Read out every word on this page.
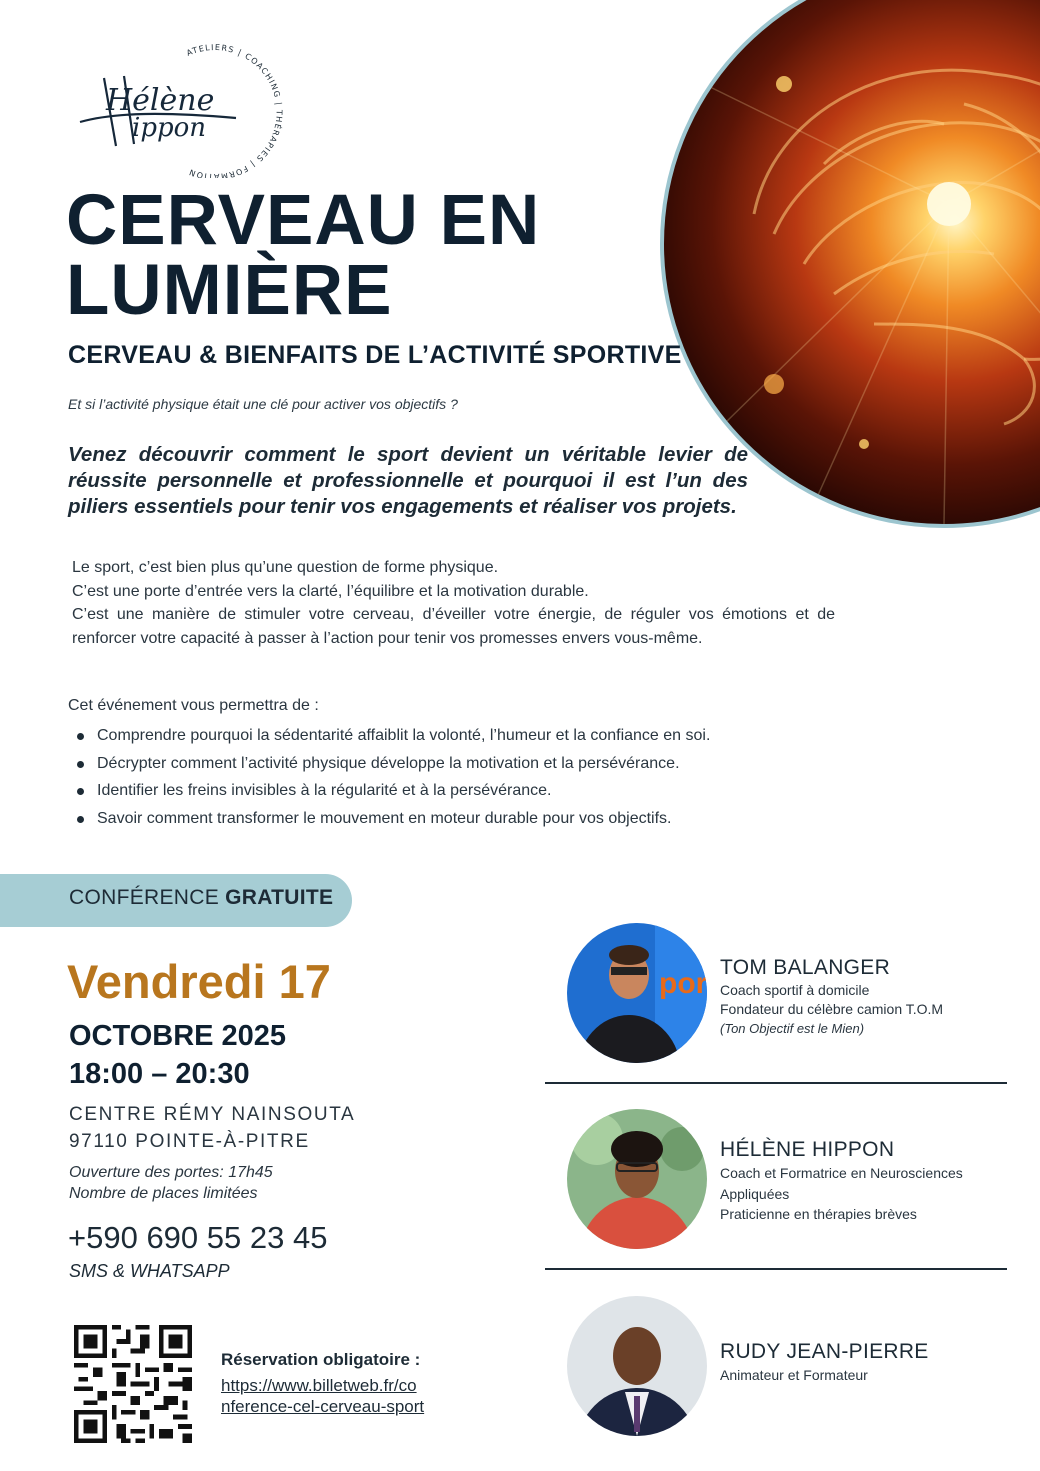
ATELIERS | COACHING | THÉRAPIES | FORMATION
Hélène
ippon
CERVEAU EN
LUMIÈRE
CERVEAU & BIENFAITS DE L’ACTIVITÉ SPORTIVE
Et si l’activité physique était une clé pour activer vos objectifs ?
Venez découvrir comment le sport devient un véritable levier de réussite personnelle et professionnelle et pourquoi il est l’un des piliers essentiels pour tenir vos engagements et réaliser vos projets.

Le sport, c’est bien plus qu’une question de forme physique.

C’est une porte d’entrée vers la clarté, l’équilibre et la motivation durable.

C’est une manière de stimuler votre cerveau, d’éveiller votre énergie, de réguler vos émotions et de renforcer votre capacité à passer à l’action pour tenir vos promesses envers vous-même.

Cet événement vous permettra de :
Comprendre pourquoi la sédentarité affaiblit la volonté, l’humeur et la confiance en soi.
Décrypter comment l’activité physique développe la motivation et la persévérance.
Identifier les freins invisibles à la régularité et à la persévérance.
Savoir comment transformer le mouvement en moteur durable pour vos objectifs.
CONFÉRENCE GRATUITE
Vendredi 17
OCTOBRE 2025
18:00 – 20:30
CENTRE RÉMY NAINSOUTA
97110 POINTE-À-PITRE
Ouverture des portes: 17h45
Nombre de places limitées
+590 690 55 23 45
SMS & WHATSAPP
Réservation obligatoire :
https://www.billetweb.fr/co
nference-cel-cerveau-sport
por TOM BALANGER
Coach sportif à domicile
Fondateur du célèbre camion T.O.M
(Ton Objectif est le Mien)
HÉLÈNE HIPPON
Coach et Formatrice en Neurosciences
Appliquées
Praticienne en thérapies brèves
RUDY JEAN-PIERRE
Animateur et Formateur
